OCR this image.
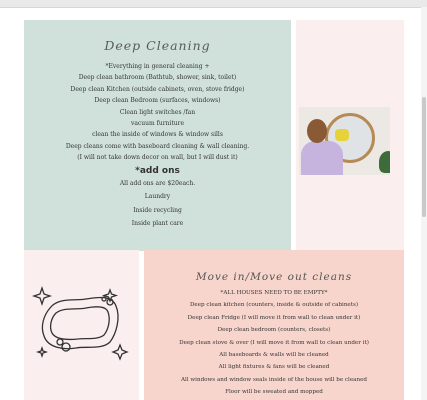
Deep Cleaning
*Everything in general cleaning +
Deep clean bathroom (Bathtub, shower, sink, toilet)
Deep clean Kitchen (outside cabinets, oven, stove fridge)
Deep clean Bedroom (surfaces, windows)
Clean light switches /fan
vacuum furniture
clean the inside of windows & window sills
Deep cleans come with baseboard cleaning & wall cleaning.
(I will not take down decor on wall, but I will dust it)
*add ons
All add ons are $20each.
Laundry
Inside recycling
Inside plant care
Move in/Move out cleans
*ALL HOUSES NEED TO BE EMPTY*
Deep clean kitchen (counters, inside & outside of cabinets)
Deep clean Fridge (I will move it from wall to clean under it)
Deep clean bedroom (counters, closets)
Deep clean stove & over (I will move it from wall to clean under it)
All baseboards & walls will be cleaned
All light fixtures & fans will be cleaned
All windows and window seals inside of the house will be cleaned
Floor will be sweated and mopped
